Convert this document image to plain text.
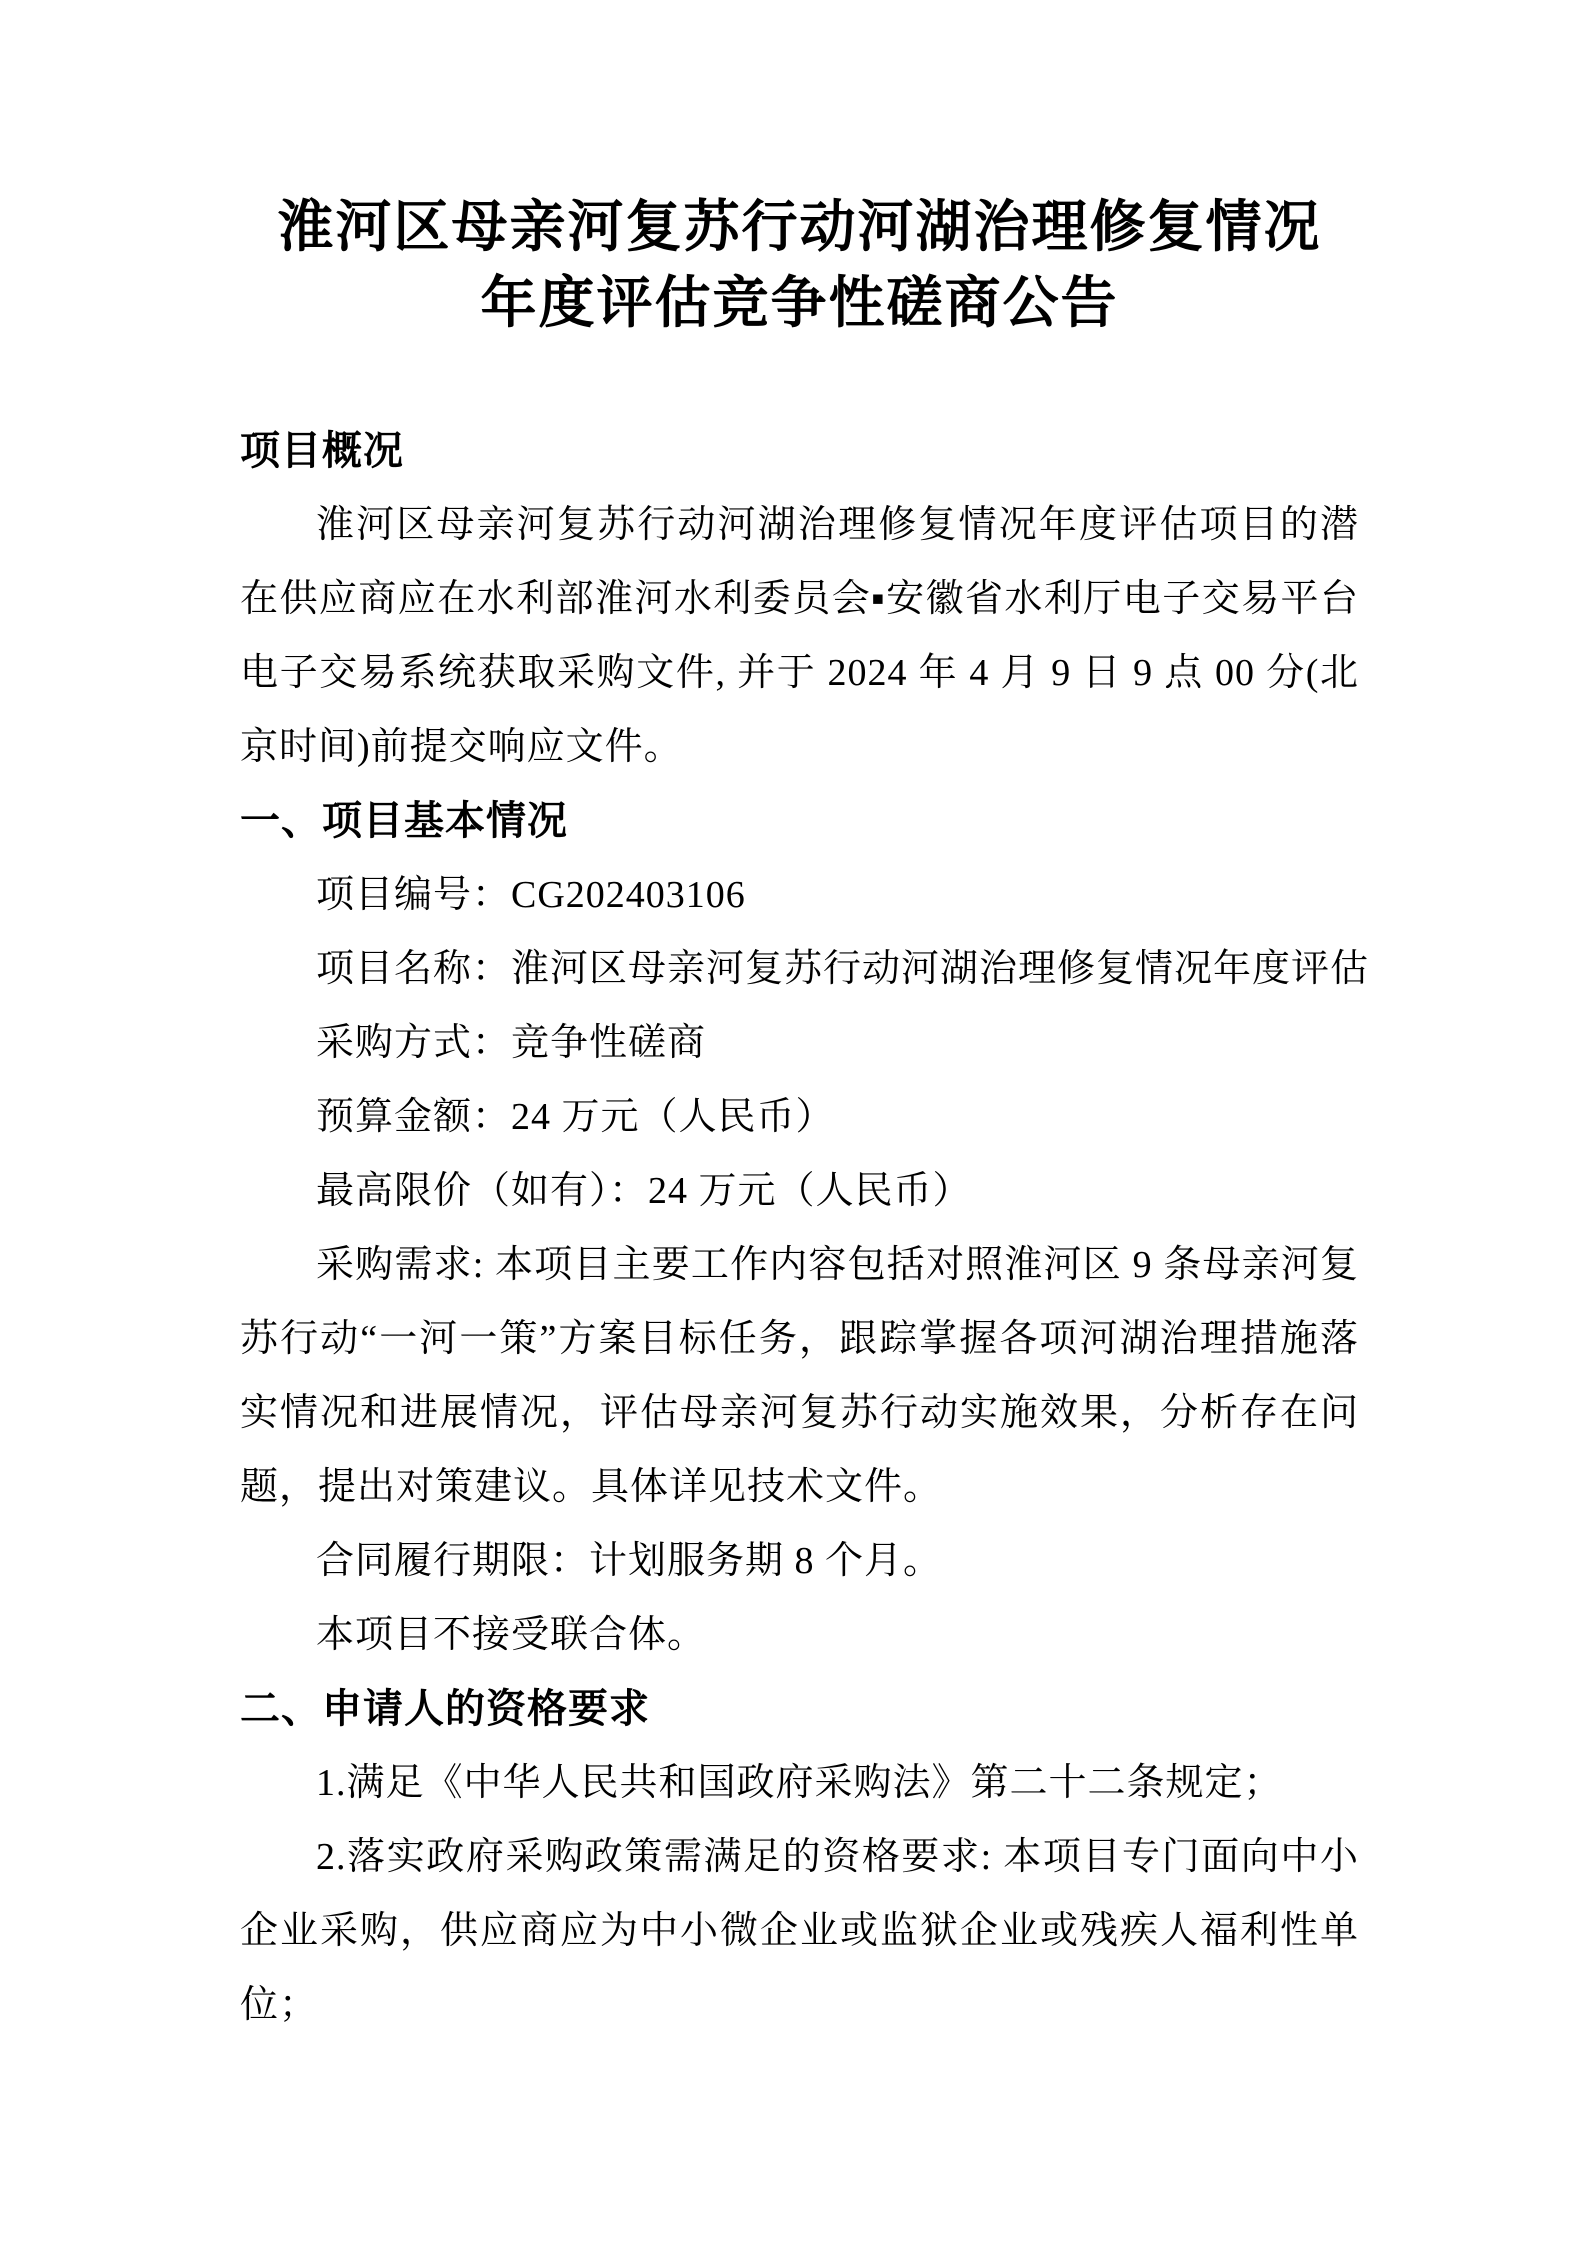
淮河区母亲河复苏行动河湖治理修复情况
年度评估竞争性磋商公告
项目概况

淮河区母亲河复苏行动河湖治理修复情况年度评估项目的潜在供应商应在水利部淮河水利委员会▪安徽省水利厅电子交易平台电子交易系统获取采购文件, 并于 2024 年 4 月 9 日 9 点 00 分(北京时间)前提交响应文件。

一、项目基本情况

项目编号：CG202403106

项目名称：淮河区母亲河复苏行动河湖治理修复情况年度评估

采购方式：竞争性磋商

预算金额：24 万元（人民币）

最高限价（如有）：24 万元（人民币）

采购需求: 本项目主要工作内容包括对照淮河区 9 条母亲河复苏行动“一河一策”方案目标任务，跟踪掌握各项河湖治理措施落实情况和进展情况，评估母亲河复苏行动实施效果，分析存在问题，提出对策建议。具体详见技术文件。

合同履行期限：计划服务期 8 个月。

本项目不接受联合体。

二、申请人的资格要求

1.满足《中华人民共和国政府采购法》第二十二条规定；

2.落实政府采购政策需满足的资格要求: 本项目专门面向中小企业采购，供应商应为中小微企业或监狱企业或残疾人福利性单位；
